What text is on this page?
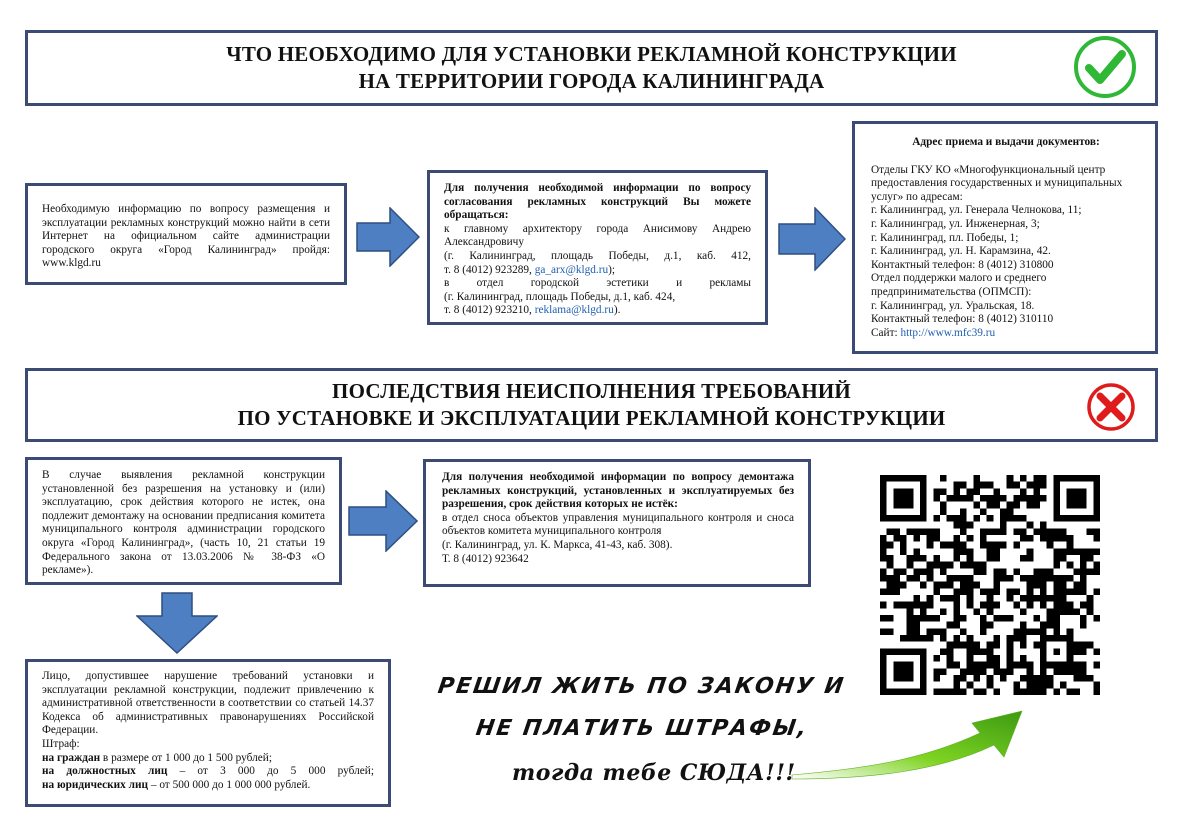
ЧТО НЕОБХОДИМО ДЛЯ УСТАНОВКИ РЕКЛАМНОЙ КОНСТРУКЦИИ
НА ТЕРРИТОРИИ ГОРОДА КАЛИНИНГРАДА
Необходимую информацию по вопросу размещения и эксплуатации рекламных конструкций можно найти в сети Интернет на официальном сайте администрации городского округа «Город Калининград» пройдя: www.klgd.ru
Для получения необходимой информации по вопросу согласования рекламных конструкций Вы можете обращаться:
к главному архитектору города Анисимову Андрею Александровичу
(г. Калининград, площадь Победы, д.1, каб. 412,
т. 8 (4012) 923289, ga_arx@klgd.ru);
в отдел городской эстетики и рекламы
(г. Калининград, площадь Победы, д.1, каб. 424,
т. 8 (4012) 923210, reklama@klgd.ru).
Адрес приема и выдачи документов:
Отделы ГКУ КО «Многофункциональный центр
предоставления государственных и муниципальных
услуг» по адресам:
г. Калининград, ул. Генерала Челнокова, 11;
г. Калининград, ул. Инженерная, 3;
г. Калининград, пл. Победы, 1;
г. Калининград, ул. Н. Карамзина, 42.
Контактный телефон: 8 (4012) 310800
Отдел поддержки малого и среднего
предпринимательства (ОПМСП):
г. Калининград, ул. Уральская, 18.
Контактный телефон: 8 (4012) 310110
Сайт: http://www.mfc39.ru
ПОСЛЕДСТВИЯ НЕИСПОЛНЕНИЯ ТРЕБОВАНИЙ
ПО УСТАНОВКЕ И ЭКСПЛУАТАЦИИ РЕКЛАМНОЙ КОНСТРУКЦИИ
В случае выявления рекламной конструкции установленной без разрешения на установку и (или) эксплуатацию, срок действия которого не истек, она подлежит демонтажу на основании предписания комитета муниципального контроля администрации городского округа «Город Калининград», (часть 10, 21 статьи 19 Федерального закона от 13.03.2006 № 38-ФЗ «О рекламе»).
Для получения необходимой информации по вопросу демонтажа рекламных конструкций, установленных и эксплуатируемых без разрешения, срок действия которых не истёк:
в отдел сноса объектов управления муниципального контроля и сноса объектов комитета муниципального контроля
(г. Калининград, ул. К. Маркса, 41-43, каб. 308).
Т. 8 (4012) 923642
Лицо, допустившее нарушение требований установки и эксплуатации рекламной конструкции, подлежит привлечению к административной ответственности в соответствии со статьей 14.37 Кодекса об административных правонарушениях Российской Федерации.
Штраф:
на граждан в размере от 1 000 до 1 500 рублей;
на должностных лиц – от 3 000 до 5 000 рублей;
на юридических лиц – от 500 000 до 1 000 000 рублей.
РЕШИЛ ЖИТЬ ПО ЗАКОНУ И
НЕ ПЛАТИТЬ ШТРАФЫ,
тогда тебе СЮДА!!!
